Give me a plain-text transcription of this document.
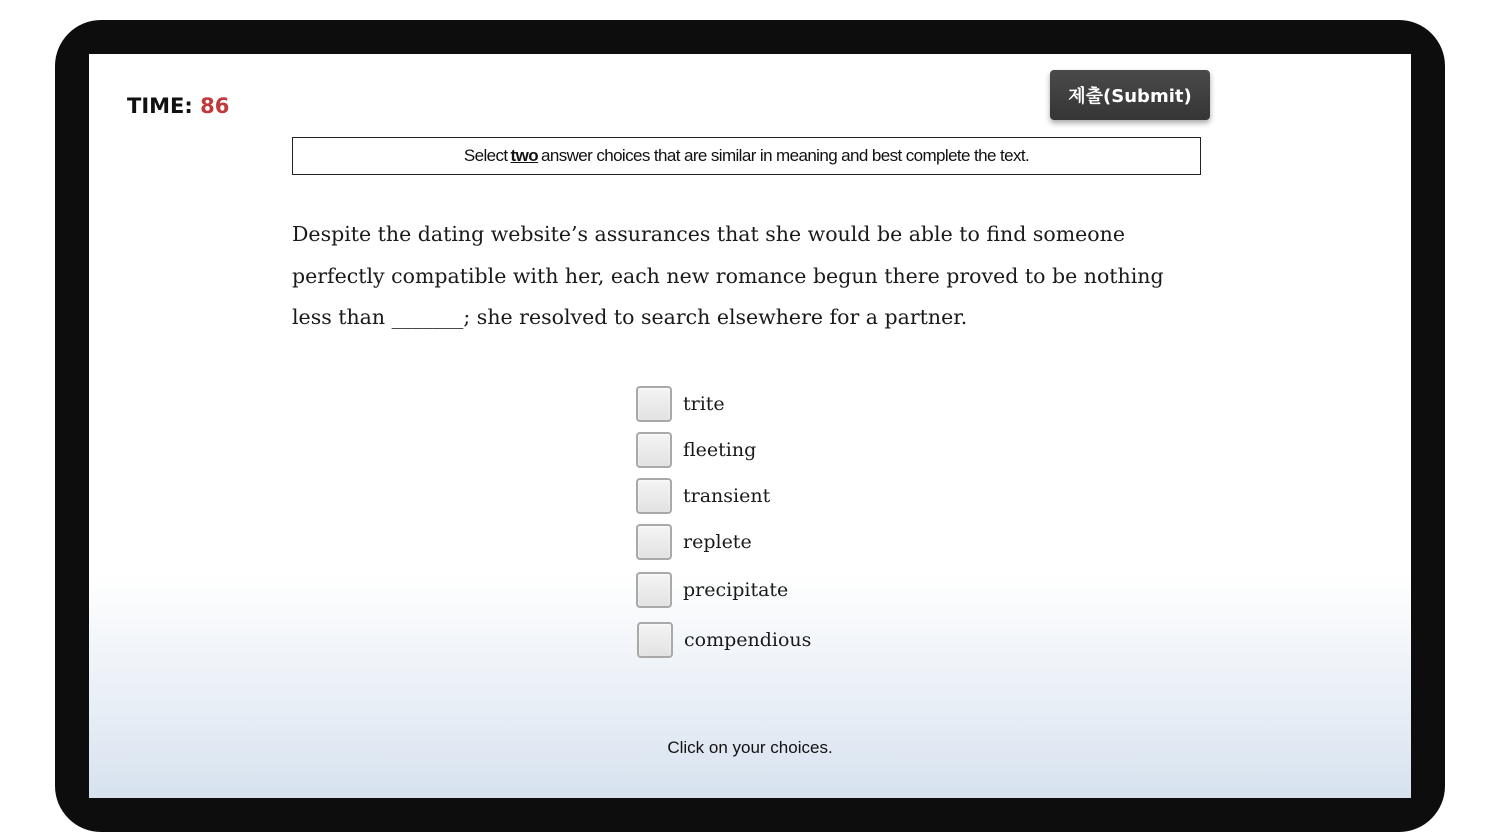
TIME: 86	제출(Submit)
Select two answer choices that are similar in meaning and best complete the text.
Despite the dating website’s assurances that she would be able to find someone perfectly compatible with her, each new romance begun there proved to be nothing less than _______; she resolved to search elsewhere for a partner.
trite
fleeting
transient
replete
precipitate
compendious
Click on your choices.
